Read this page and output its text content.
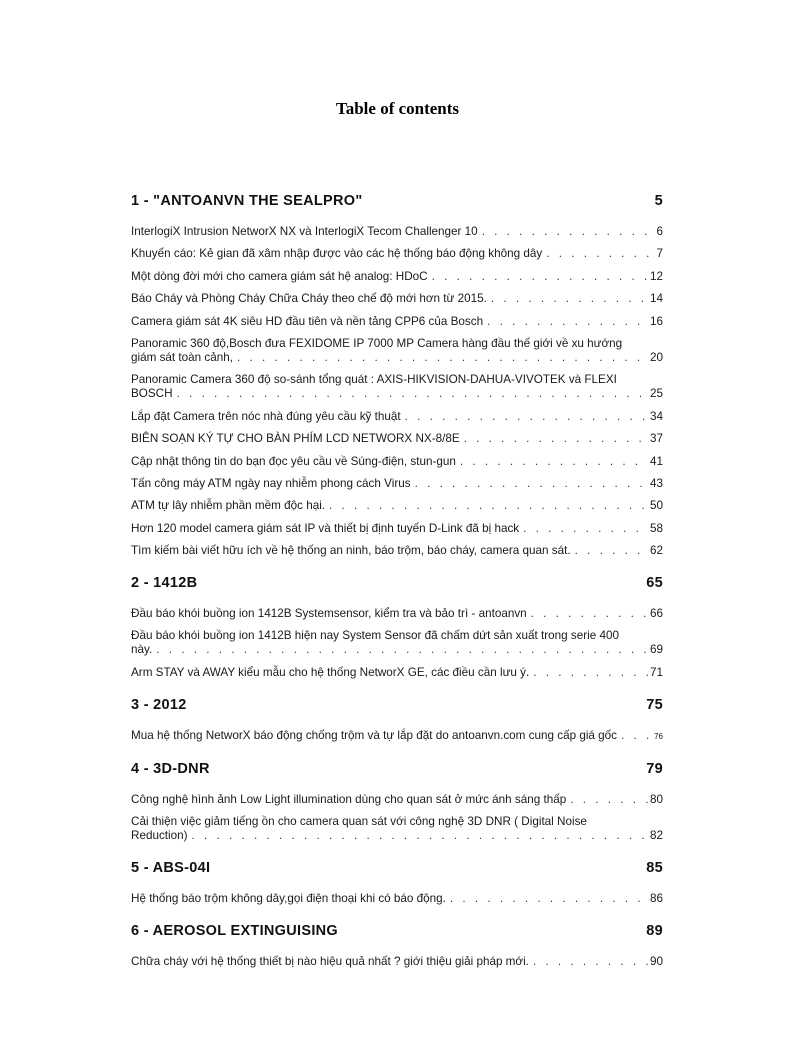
Table of contents
1 - "ANTOANVN THE SEALPRO"	5
InterlogiX Intrusion NetworX NX và InterlogiX Tecom Challenger 10 . . .	6
Khuyến cáo: Kẻ gian đã xâm nhập được vào các hệ thống báo động không dây . . .	7
Một dòng đời mới cho camera giám sát hệ analog: HDoC . . .	12
Báo Cháy và Phòng Cháy Chữa Cháy theo chế độ mới hơn từ 2015. . . .	14
Camera giám sát 4K siêu HD đầu tiên và nền tảng CPP6 của Bosch . . .	16
Panoramic 360 độ,Bosch đưa FEXIDOME IP 7000 MP Camera hàng đầu thế giới về xu hướng
giám sát toàn cảnh, . . .	20
Panoramic Camera 360 độ so-sánh tổng quát : AXIS-HIKVISION-DAHUA-VIVOTEK và FLEXI
BOSCH . . .	25
Lắp đặt Camera trên nóc nhà đúng yêu cầu kỹ thuật . . .	34
BIÊN SOẠN KÝ TỰ CHO BÀN PHÍM LCD NETWORX NX-8/8E . . .	37
Cập nhật thông tin do bạn đọc yêu cầu về Súng-điện, stun-gun . . .	41
Tấn công máy ATM ngày nay nhiễm phong cách Virus . . .	43
ATM tự lây nhiễm phần mềm độc hại. . . .	50
Hơn 120 model camera giám sát IP và thiết bị định tuyến D-Link đã bị hack . . .	58
Tìm kiếm bài viết hữu ích về hệ thống an ninh, báo trộm, báo cháy, camera quan sát. . . .	62
2 - 1412B	65
Đầu báo khói buồng ion 1412B Systemsensor, kiểm tra và bảo trì - antoanvn . . .	66
Đầu báo khói buồng ion 1412B hiện nay System Sensor đã chấm dứt sản xuất trong serie 400
này. . . .	69
Arm STAY và AWAY kiểu mẫu cho hệ thống NetworX GE, các điều cần lưu ý. . . .	71
3 - 2012	75
Mua hệ thống NetworX báo động chống trộm và tự lắp đặt do antoanvn.com cung cấp giá gốc . . .	76
4 - 3D-DNR	79
Công nghệ hình ảnh Low Light illumination dùng cho quan sát ở mức ánh sáng thấp . . .	80
Cải thiện việc giảm tiếng ồn cho camera quan sát với công nghệ 3D DNR ( Digital Noise
Reduction) . . .	82
5 - ABS-04I	85
Hệ thống báo trộm không dây,gọi điện thoại khi có báo động. . . .	86
6 - AEROSOL EXTINGUISING	89
Chữa cháy với hệ thống thiết bị nào hiệu quả nhất ? giới thiệu giải pháp mới. . . .	90
